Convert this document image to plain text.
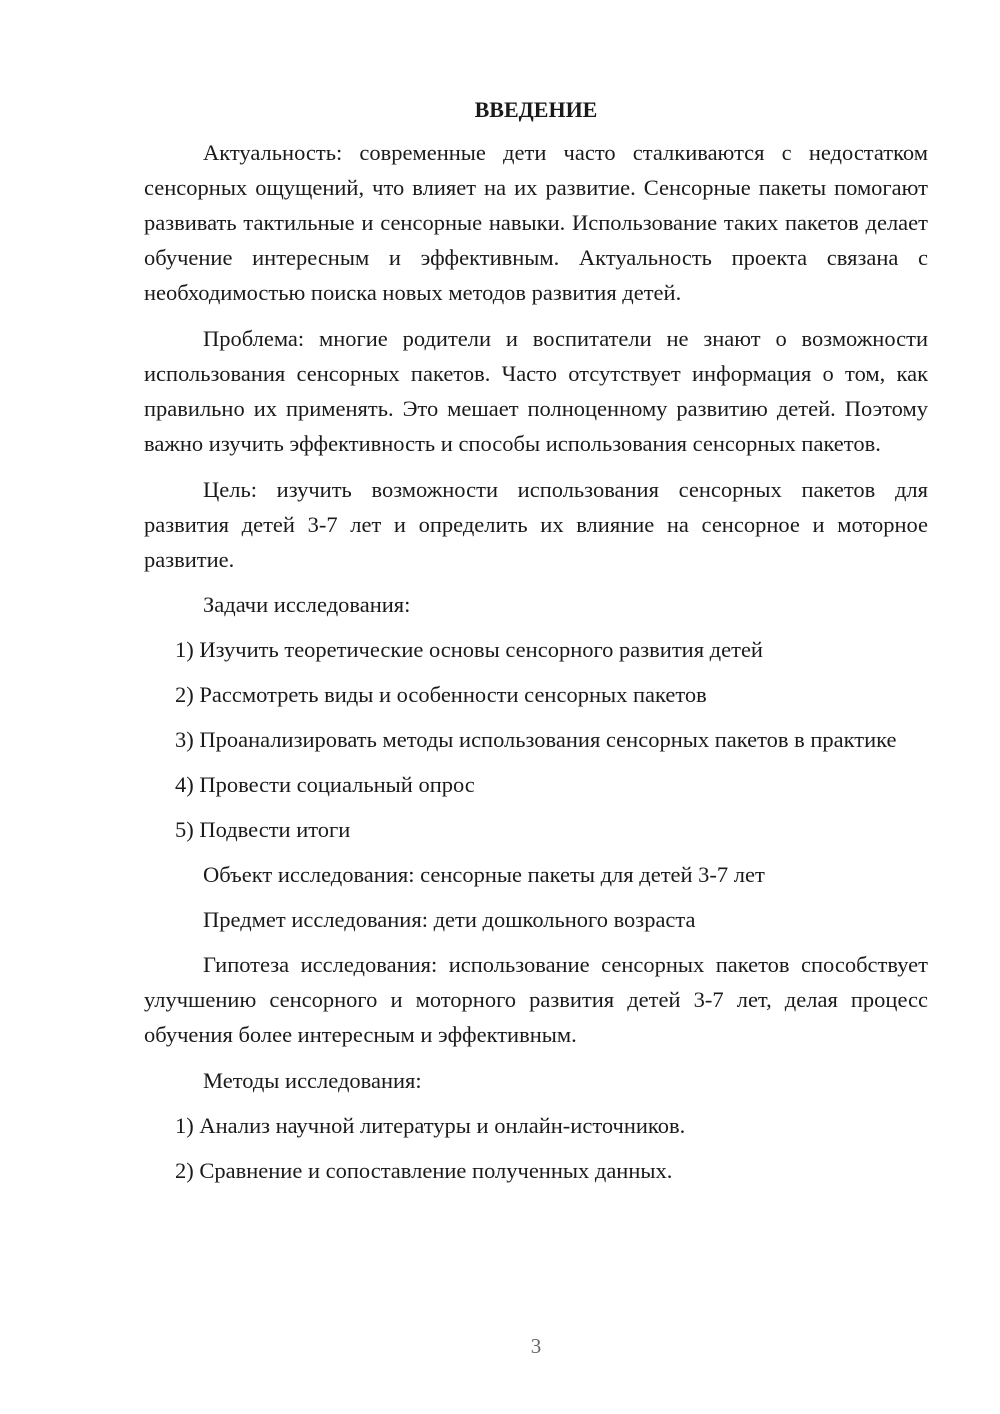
ВВЕДЕНИЕ

Актуальность: современные дети часто сталкиваются с недостатком сенсорных ощущений, что влияет на их развитие. Сенсорные пакеты помогают развивать тактильные и сенсорные навыки. Использование таких пакетов делает обучение интересным и эффективным. Актуальность проекта связана с необходимостью поиска новых методов развития детей.

Проблема: многие родители и воспитатели не знают о возможности использования сенсорных пакетов. Часто отсутствует информация о том, как правильно их применять. Это мешает полноценному развитию детей. Поэтому важно изучить эффективность и способы использования сенсорных пакетов.

Цель: изучить возможности использования сенсорных пакетов для развития детей 3-7 лет и определить их влияние на сенсорное и моторное развитие.

Задачи исследования:

1) Изучить теоретические основы сенсорного развития детей

2) Рассмотреть виды и особенности сенсорных пакетов

3) Проанализировать методы использования сенсорных пакетов в практике

4) Провести социальный опрос

5) Подвести итоги

Объект исследования: сенсорные пакеты для детей 3-7 лет

Предмет исследования: дети дошкольного возраста

Гипотеза исследования: использование сенсорных пакетов способствует улучшению сенсорного и моторного развития детей 3-7 лет, делая процесс обучения более интересным и эффективным.

Методы исследования:

1) Анализ научной литературы и онлайн-источников.

2) Сравнение и сопоставление полученных данных.

3
